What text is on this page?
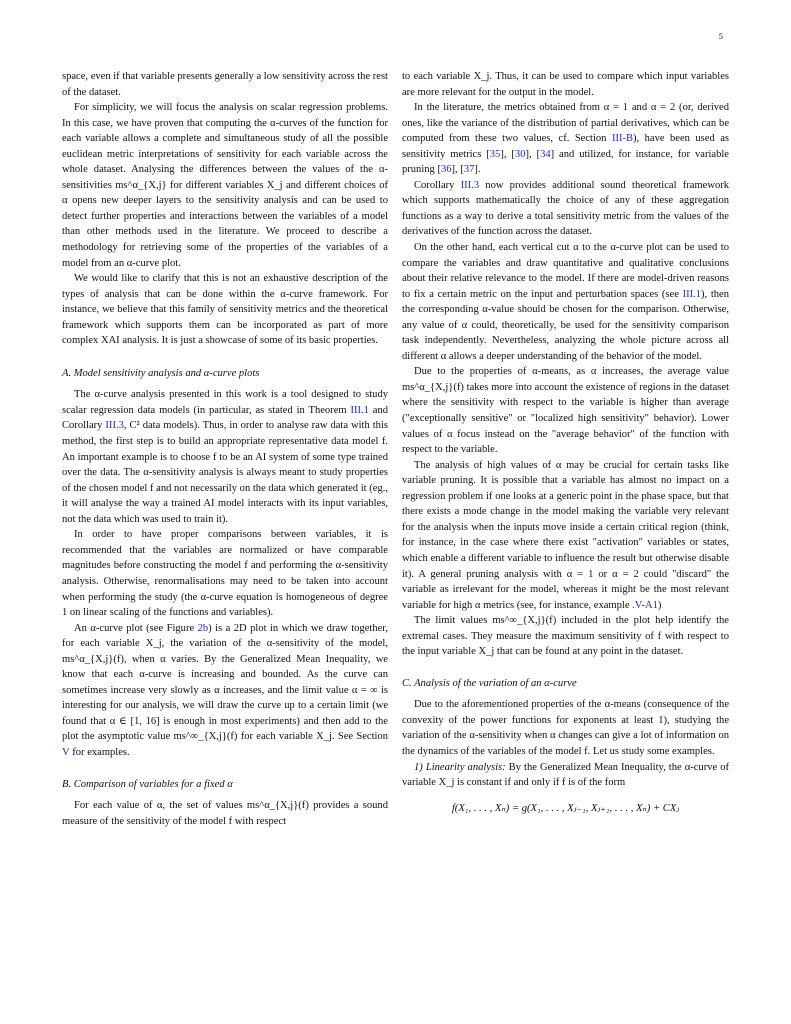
5

space, even if that variable presents generally a low sensitivity across the rest of the dataset.

For simplicity, we will focus the analysis on scalar regression problems. In this case, we have proven that computing the α-curves of the function for each variable allows a complete and simultaneous study of all the possible euclidean metric interpretations of sensitivity for each variable across the whole dataset. Analysing the differences between the values of the α-sensitivities ms^α_{X,j} for different variables X_j and different choices of α opens new deeper layers to the sensitivity analysis and can be used to detect further properties and interactions between the variables of a model than other methods used in the literature. We proceed to describe a methodology for retrieving some of the properties of the variables of a model from an α-curve plot.

We would like to clarify that this is not an exhaustive description of the types of analysis that can be done within the α-curve framework. For instance, we believe that this family of sensitivity metrics and the theoretical framework which supports them can be incorporated as part of more complex XAI analysis. It is just a showcase of some of its basic properties.

A. Model sensitivity analysis and α-curve plots

The α-curve analysis presented in this work is a tool designed to study scalar regression data models (in particular, as stated in Theorem III.1 and Corollary III.3, C² data models). Thus, in order to analyse raw data with this method, the first step is to build an appropriate representative data model f. An important example is to choose f to be an AI system of some type trained over the data. The α-sensitivity analysis is always meant to study properties of the chosen model f and not necessarily on the data which generated it (eg., it will analyse the way a trained AI model interacts with its input variables, not the data which was used to train it).

In order to have proper comparisons between variables, it is recommended that the variables are normalized or have comparable magnitudes before constructing the model f and performing the α-sensitivity analysis. Otherwise, renormalisations may need to be taken into account when performing the study (the α-curve equation is homogeneous of degree 1 on linear scaling of the functions and variables).

An α-curve plot (see Figure 2b) is a 2D plot in which we draw together, for each variable X_j, the variation of the α-sensitivity of the model, ms^α_{X,j}(f), when α varies. By the Generalized Mean Inequality, we know that each α-curve is increasing and bounded. As the curve can sometimes increase very slowly as α increases, and the limit value α = ∞ is interesting for our analysis, we will draw the curve up to a certain limit (we found that α ∈ [1, 16] is enough in most experiments) and then add to the plot the asymptotic value ms^∞_{X,j}(f) for each variable X_j. See Section V for examples.

B. Comparison of variables for a fixed α

For each value of α, the set of values ms^α_{X,j}(f) provides a sound measure of the sensitivity of the model f with respect

to each variable X_j. Thus, it can be used to compare which input variables are more relevant for the output in the model.

In the literature, the metrics obtained from α = 1 and α = 2 (or, derived ones, like the variance of the distribution of partial derivatives, which can be computed from these two values, cf. Section III-B), have been used as sensitivity metrics [35], [30], [34] and utilized, for instance, for variable pruning [36], [37].

Corollary III.3 now provides additional sound theoretical framework which supports mathematically the choice of any of these aggregation functions as a way to derive a total sensitivity metric from the values of the derivatives of the function across the dataset.

On the other hand, each vertical cut α to the α-curve plot can be used to compare the variables and draw quantitative and qualitative conclusions about their relative relevance to the model. If there are model-driven reasons to fix a certain metric on the input and perturbation spaces (see III.1), then the corresponding α-value should be chosen for the comparison. Otherwise, any value of α could, theoretically, be used for the sensitivity comparison task independently. Nevertheless, analyzing the whole picture across all different α allows a deeper understanding of the behavior of the model.

Due to the properties of α-means, as α increases, the average value ms^α_{X,j}(f) takes more into account the existence of regions in the dataset where the sensitivity with respect to the variable is higher than average ("exceptionally sensitive" or "localized high sensitivity" behavior). Lower values of α focus instead on the "average behavior" of the function with respect to the variable.

The analysis of high values of α may be crucial for certain tasks like variable pruning. It is possible that a variable has almost no impact on a regression problem if one looks at a generic point in the phase space, but that there exists a mode change in the model making the variable very relevant for the analysis when the inputs move inside a certain critical region (think, for instance, in the case where there exist "activation" variables or states, which enable a different variable to influence the result but otherwise disable it). A general pruning analysis with α = 1 or α = 2 could "discard" the variable as irrelevant for the model, whereas it might be the most relevant variable for high α metrics (see, for instance, example .V-A1)

The limit values ms^∞_{X,j}(f) included in the plot help identify the extremal cases. They measure the maximum sensitivity of f with respect to the input variable X_j that can be found at any point in the dataset.

C. Analysis of the variation of an α-curve

Due to the aforementioned properties of the α-means (consequence of the convexity of the power functions for exponents at least 1), studying the variation of the α-sensitivity when α changes can give a lot of information on the dynamics of the variables of the model f. Let us study some examples.

1) Linearity analysis: By the Generalized Mean Inequality, the α-curve of variable X_j is constant if and only if f is of the form

f(X₁, . . . , Xₙ) = g(X₁, . . . , Xⱼ₋₁, Xⱼ₊₁, . . . , Xₙ) + CXⱼ
